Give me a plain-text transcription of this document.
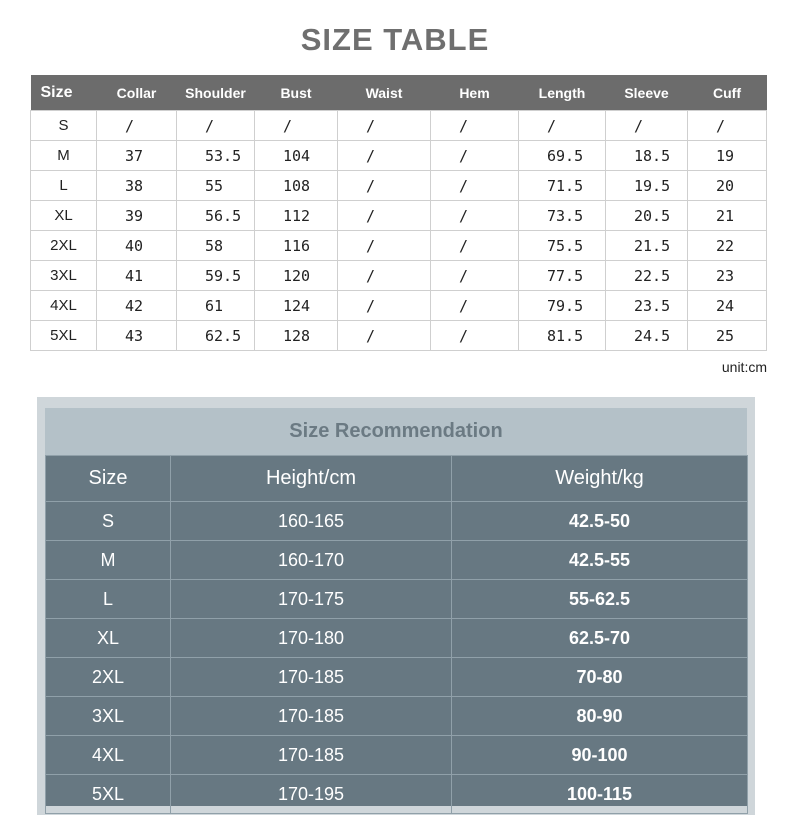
SIZE TABLE
Size	Collar	Shoulder	Bust	Waist	Hem	Length	Sleeve	Cuff
S	/	/	/	/	/	/	/	/
M	37	53.5	104	/	/	69.5	18.5	19
L	38	55	108	/	/	71.5	19.5	20
XL	39	56.5	112	/	/	73.5	20.5	21
2XL	40	58	116	/	/	75.5	21.5	22
3XL	41	59.5	120	/	/	77.5	22.5	23
4XL	42	61	124	/	/	79.5	23.5	24
5XL	43	62.5	128	/	/	81.5	24.5	25
unit:cm
Size Recommendation
Size	Height/cm	Weight/kg
S	160-165	42.5-50
M	160-170	42.5-55
L	170-175	55-62.5
XL	170-180	62.5-70
2XL	170-185	70-80
3XL	170-185	80-90
4XL	170-185	90-100
5XL	170-195	100-115
